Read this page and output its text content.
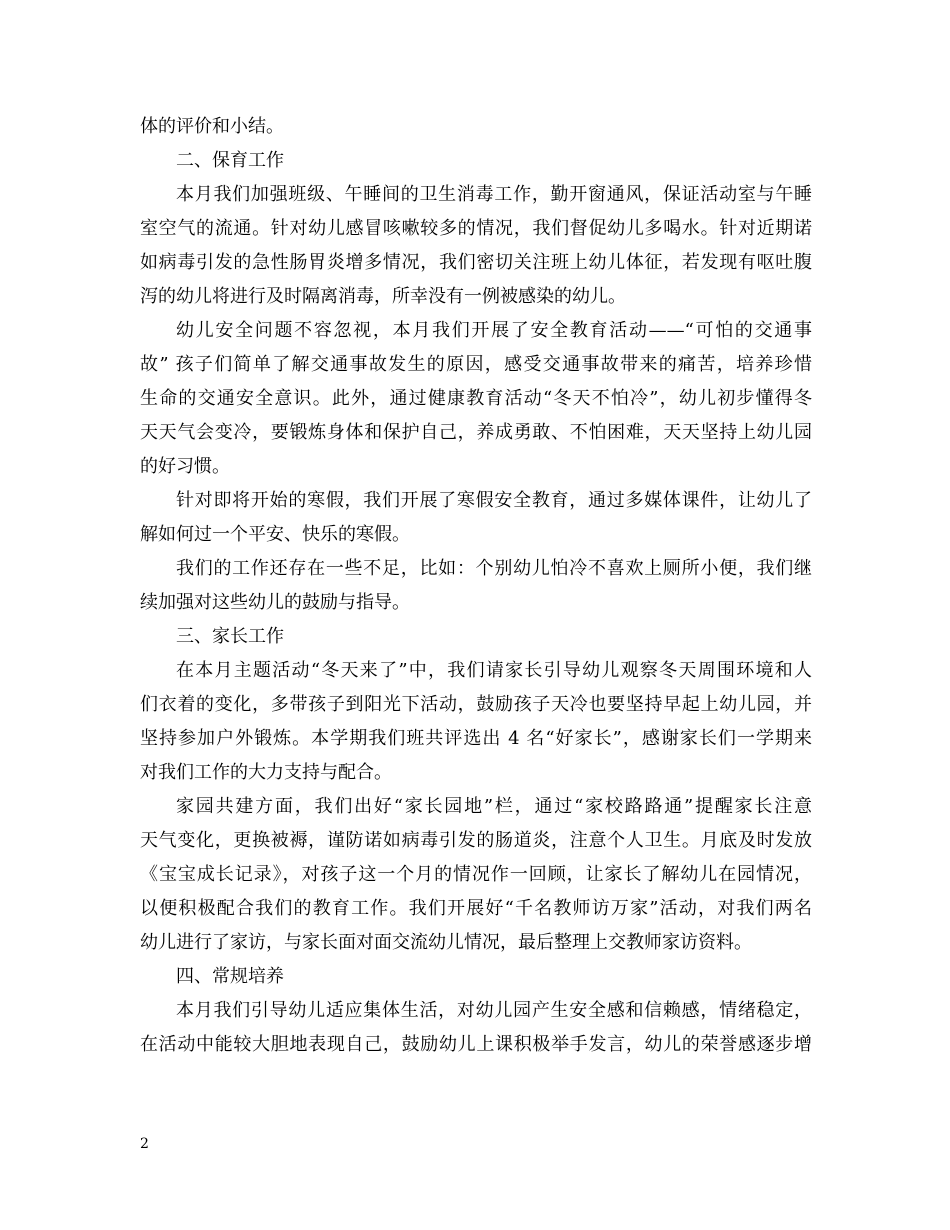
体的评价和小结。
二、保育工作
本月我们加强班级、午睡间的卫生消毒工作，勤开窗通风，保证活动室与午睡
室空气的流通。针对幼儿感冒咳嗽较多的情况，我们督促幼儿多喝水。针对近期诺
如病毒引发的急性肠胃炎增多情况，我们密切关注班上幼儿体征，若发现有呕吐腹
泻的幼儿将进行及时隔离消毒，所幸没有一例被感染的幼儿。
幼儿安全问题不容忽视，本月我们开展了安全教育活动——“可怕的交通事
故” 孩子们简单了解交通事故发生的原因，感受交通事故带来的痛苦，培养珍惜
生命的交通安全意识。此外，通过健康教育活动“冬天不怕冷”，幼儿初步懂得冬
天天气会变冷，要锻炼身体和保护自己，养成勇敢、不怕困难，天天坚持上幼儿园
的好习惯。
针对即将开始的寒假，我们开展了寒假安全教育，通过多媒体课件，让幼儿了
解如何过一个平安、快乐的寒假。
我们的工作还存在一些不足，比如：个别幼儿怕冷不喜欢上厕所小便，我们继
续加强对这些幼儿的鼓励与指导。
三、家长工作
在本月主题活动“冬天来了”中，我们请家长引导幼儿观察冬天周围环境和人
们衣着的变化，多带孩子到阳光下活动，鼓励孩子天冷也要坚持早起上幼儿园，并
坚持参加户外锻炼。本学期我们班共评选出 4 名“好家长”，感谢家长们一学期来
对我们工作的大力支持与配合。
家园共建方面，我们出好“家长园地”栏，通过“家校路路通”提醒家长注意
天气变化，更换被褥，谨防诺如病毒引发的肠道炎，注意个人卫生。月底及时发放
《宝宝成长记录》，对孩子这一个月的情况作一回顾，让家长了解幼儿在园情况，
以便积极配合我们的教育工作。我们开展好“千名教师访万家”活动，对我们两名
幼儿进行了家访，与家长面对面交流幼儿情况，最后整理上交教师家访资料。
四、常规培养
本月我们引导幼儿适应集体生活，对幼儿园产生安全感和信赖感，情绪稳定，
在活动中能较大胆地表现自己，鼓励幼儿上课积极举手发言，幼儿的荣誉感逐步增
2
